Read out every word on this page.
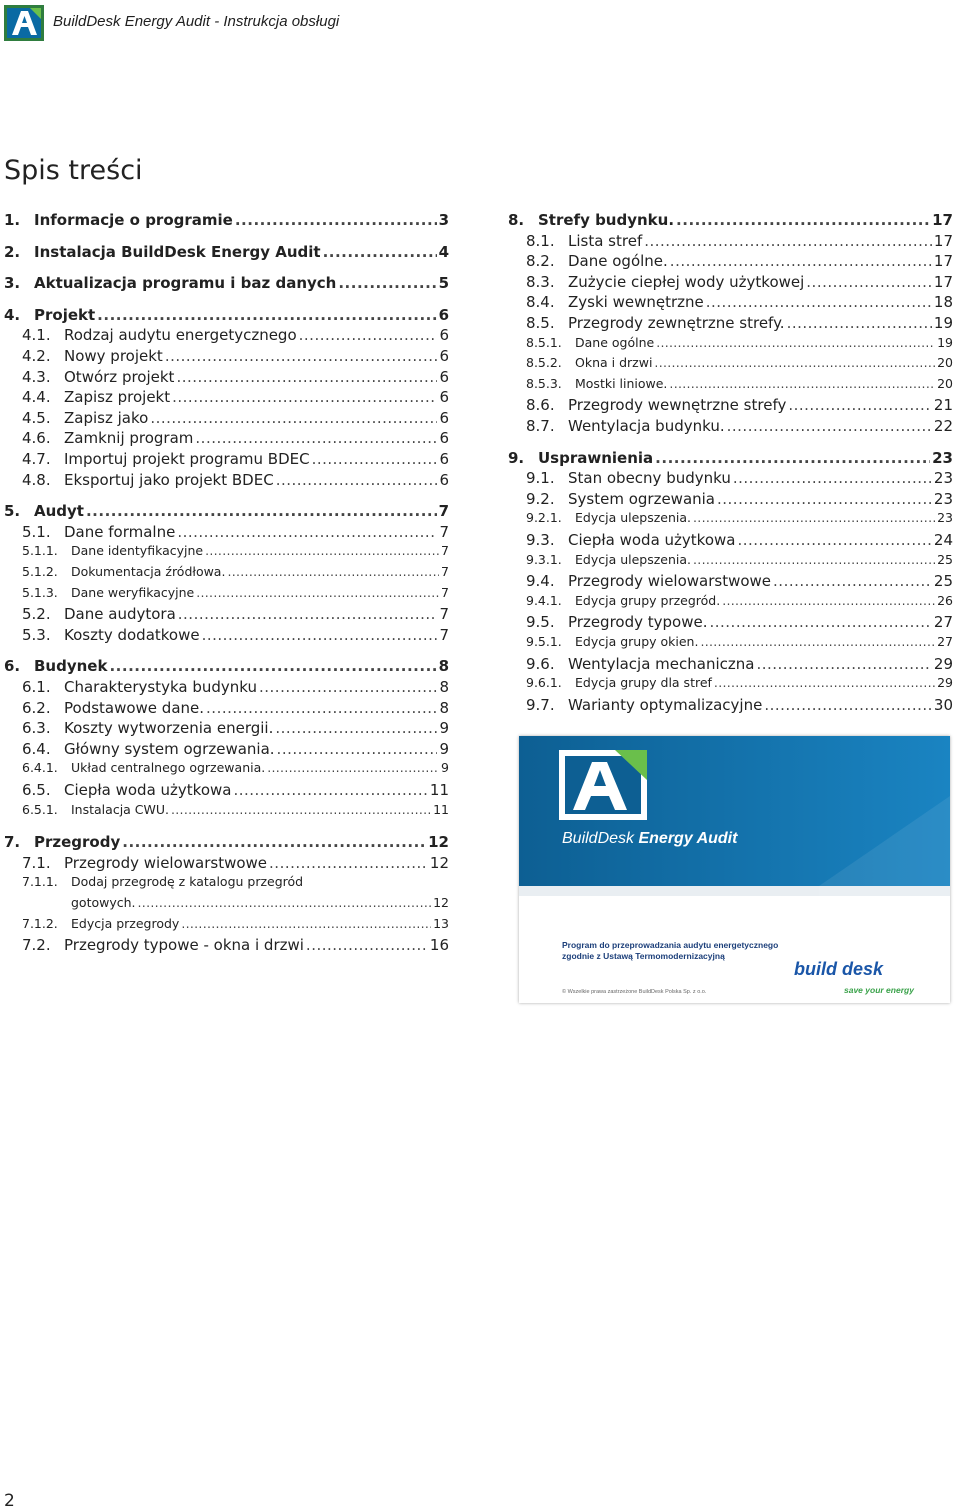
BuildDesk Energy Audit - Instrukcja obsługi
Spis treści
1. Informacje o programie .....	3
2. Instalacja BuildDesk Energy Audit .....	4
3. Aktualizacja programu i baz danych .....	5
4. Projekt .....	6
4.1. Rodzaj audytu energetycznego .....	6
4.2. Nowy projekt .....	6
4.3. Otwórz projekt .....	6
4.4. Zapisz projekt .....	6
4.5. Zapisz jako .....	6
4.6. Zamknij program .....	6
4.7. Importuj projekt programu BDEC .....	6
4.8. Eksportuj jako projekt BDEC .....	6
5. Audyt .....	7
5.1. Dane formalne .....	7
5.1.1.	Dane identyfikacyjne .....	7
5.1.2.	Dokumentacja źródłowa. .....	7
5.1.3.	Dane weryfikacyjne .....	7
5.2. Dane audytora .....	7
5.3. Koszty dodatkowe .....	7
6. Budynek .....	8
6.1. Charakterystyka budynku .....	8
6.2. Podstawowe dane. .....	8
6.3. Koszty wytworzenia energii. .....	9
6.4. Główny system ogrzewania. .....	9
6.4.1.	Układ centralnego ogrzewania. .....	9
6.5. Ciepła woda użytkowa .....	11
6.5.1.	Instalacja CWU. .....	11
7. Przegrody .....	12
7.1. Przegrody wielowarstwowe .....	12
7.1.1.	Dodaj przegrodę z katalogu przegród
gotowych. .....	12
7.1.2.	Edycja przegrody .....	13
7.2. Przegrody typowe - okna i drzwi .....	16
8. Strefy budynku. .....	17
8.1. Lista stref .....	17
8.2. Dane ogólne. .....	17
8.3. Zużycie ciepłej wody użytkowej .....	17
8.4. Zyski wewnętrzne .....	18
8.5. Przegrody zewnętrzne strefy. .....	19
8.5.1.	Dane ogólne .....	19
8.5.2.	Okna i drzwi .....	20
8.5.3.	Mostki liniowe. .....	20
8.6. Przegrody wewnętrzne strefy .....	21
8.7. Wentylacja budynku. .....	22
9. Usprawnienia .....	23
9.1. Stan obecny budynku .....	23
9.2. System ogrzewania .....	23
9.2.1.	Edycja ulepszenia. .....	23
9.3. Ciepła woda użytkowa .....	24
9.3.1.	Edycja ulepszenia. .....	25
9.4. Przegrody wielowarstwowe .....	25
9.4.1.	Edycja grupy przegród. .....	26
9.5. Przegrody typowe. .....	27
9.5.1.	Edycja grupy okien. .....	27
9.6. Wentylacja mechaniczna .....	29
9.6.1.	Edycja grupy dla stref .....	29
9.7. Warianty optymalizacyjne .....	30
BuildDesk Energy Audit
Program do przeprowadzania audytu energetycznego zgodnie z Ustawą Termomodernizacyjną
build desk
save your energy
© Wszelkie prawa zastrzeżone BuildDesk Polska Sp. z o.o.
2
